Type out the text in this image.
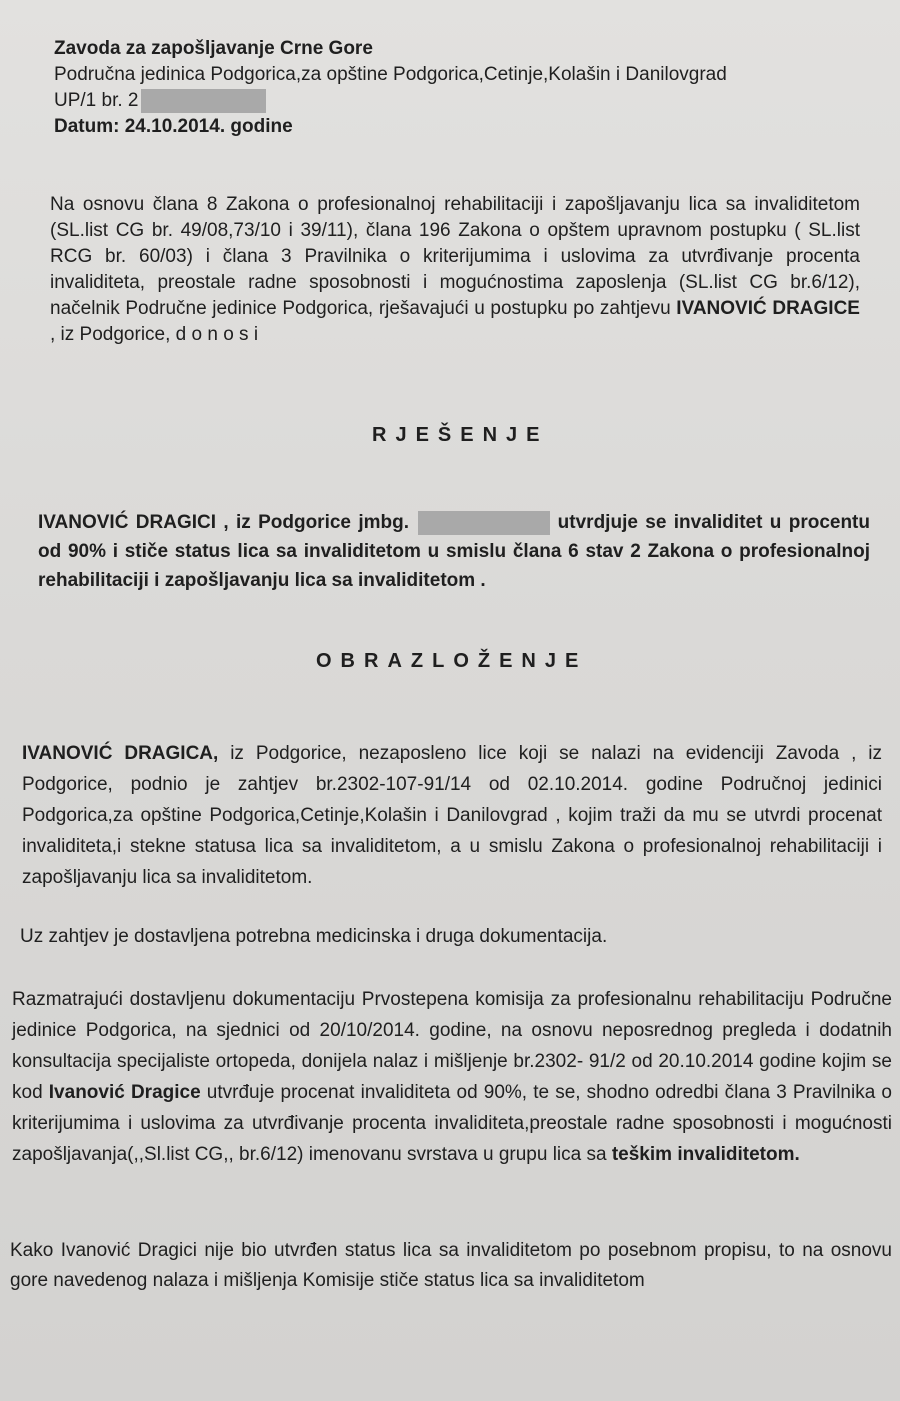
Zavoda za zapošljavanje Crne Gore
Područna jedinica Podgorica,za opštine Podgorica,Cetinje,Kolašin i Danilovgrad
UP/1 br. 2
Datum: 24.10.2014. godine
Na osnovu člana 8 Zakona o profesionalnoj rehabilitaciji i zapošljavanju lica sa invaliditetom (SL.list CG br. 49/08,73/10 i 39/11), člana 196 Zakona o opštem upravnom postupku ( SL.list RCG br. 60/03) i člana 3 Pravilnika o kriterijumima i uslovima za utvrđivanje procenta invaliditeta, preostale radne sposobnosti i mogućnostima zaposlenja (SL.list CG br.6/12), načelnik Područne jedinice Podgorica, rješavajući u postupku po zahtjevu IVANOVIĆ DRAGICE , iz Podgorice, d o n o s i
RJEŠENJE
IVANOVIĆ DRAGICI , iz Podgorice jmbg.	utvrdjuje se invaliditet u procentu od 90% i stiče status lica sa invaliditetom u smislu člana 6 stav 2 Zakona o profesionalnoj rehabilitaciji i zapošljavanju lica sa invaliditetom .
OBRAZLOŽENJE
IVANOVIĆ DRAGICA, iz Podgorice, nezaposleno lice koji se nalazi na evidenciji Zavoda , iz Podgorice, podnio je zahtjev br.2302-107-91/14 od 02.10.2014. godine Područnoj jedinici Podgorica,za opštine Podgorica,Cetinje,Kolašin i Danilovgrad , kojim traži da mu se utvrdi procenat invaliditeta,i stekne statusa lica sa invaliditetom, a u smislu Zakona o profesionalnoj rehabilitaciji i zapošljavanju lica sa invaliditetom.
Uz zahtjev je dostavljena potrebna medicinska i druga dokumentacija.
Razmatrajući dostavljenu dokumentaciju Prvostepena komisija za profesionalnu rehabilitaciju Područne jedinice Podgorica, na sjednici od 20/10/2014. godine, na osnovu neposrednog pregleda i dodatnih konsultacija specijaliste ortopeda, donijela nalaz i mišljenje br.2302- 91/2 od 20.10.2014 godine kojim se kod Ivanović Dragice utvrđuje procenat invaliditeta od 90%, te se, shodno odredbi člana 3 Pravilnika o kriterijumima i uslovima za utvrđivanje procenta invaliditeta,preostale radne sposobnosti i mogućnosti zapošljavanja(,,Sl.list CG,, br.6/12) imenovanu svrstava u grupu lica sa teškim invaliditetom.
Kako Ivanović Dragici nije bio utvrđen status lica sa invaliditetom po posebnom propisu, to na osnovu gore navedenog nalaza i mišljenja Komisije stiče status lica sa invaliditetom
